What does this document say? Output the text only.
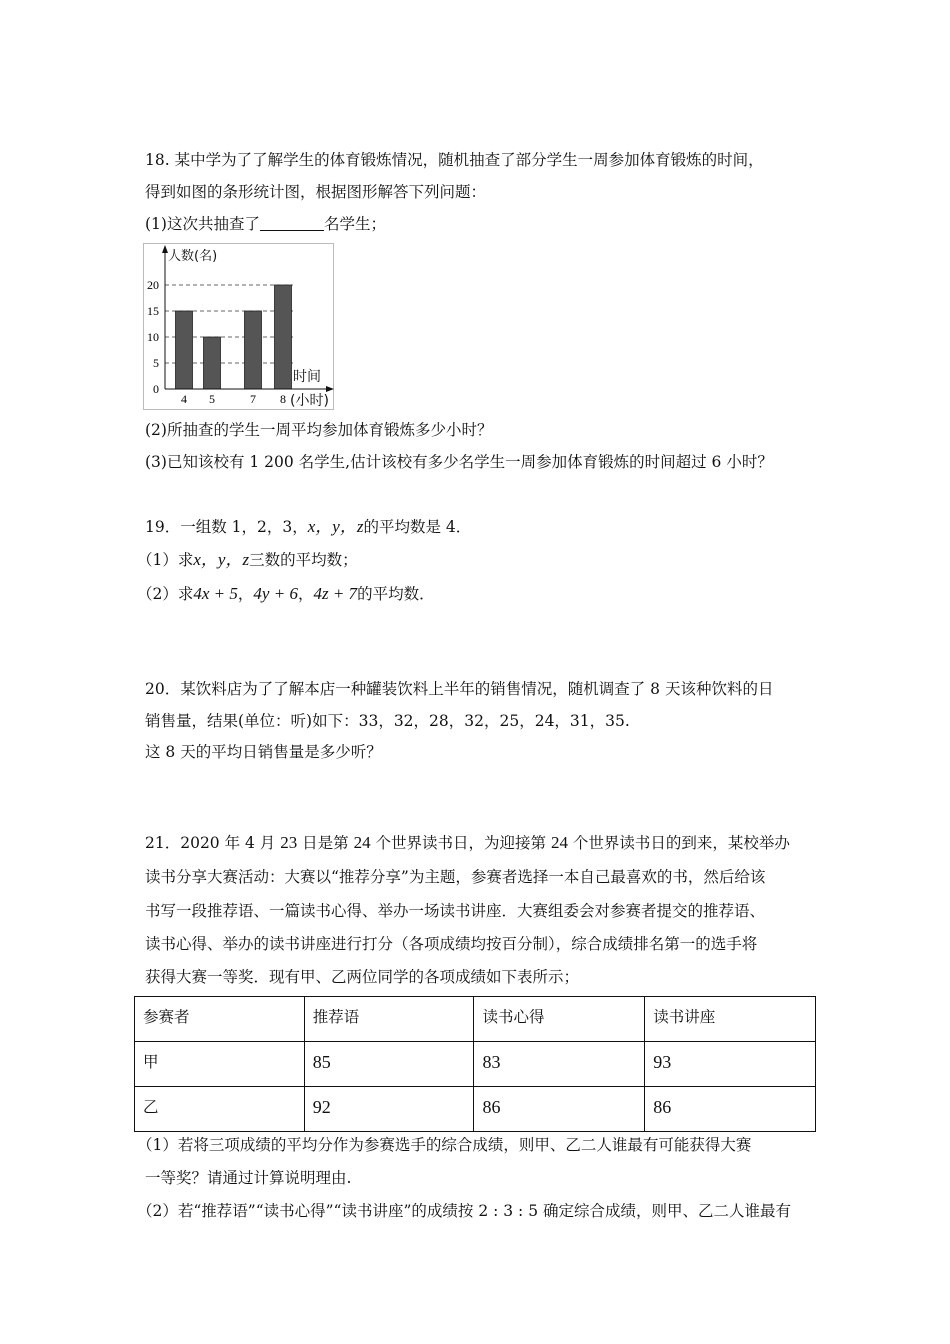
18. 某中学为了了解学生的体育锻炼情况，随机抽查了部分学生一周参加体育锻炼的时间，
得到如图的条形统计图，根据图形解答下列问题：
(1)这次共抽查了	名学生；
0
5
10
15
20
4 5	7 8
人数(名)
时间
(小时)
(2)所抽查的学生一周平均参加体育锻炼多少小时？
(3)已知该校有 1 200 名学生,估计该校有多少名学生一周参加体育锻炼的时间超过 6 小时？
19．一组数 1，2，3，x，y，z的平均数是 4．
（1）求x，y，z三数的平均数；
（2）求4x + 5，4y + 6，4z + 7的平均数．
20．某饮料店为了了解本店一种罐装饮料上半年的销售情况，随机调查了 8 天该种饮料的日
销售量，结果(单位：听)如下：33，32，28，32，25，24，31，35.
这 8 天的平均日销售量是多少听？
21．2020 年 4 月 23 日是第 24 个世界读书日，为迎接第 24 个世界读书日的到来，某校举办
读书分享大赛活动：大赛以“推荐分享”为主题，参赛者选择一本自己最喜欢的书，然后给该
书写一段推荐语、一篇读书心得、举办一场读书讲座．大赛组委会对参赛者提交的推荐语、
读书心得、举办的读书讲座进行打分（各项成绩均按百分制），综合成绩排名第一的选手将
获得大赛一等奖．现有甲、乙两位同学的各项成绩如下表所示；
参赛者	推荐语	读书心得	读书讲座
甲	85	83	93
乙	92	86	86
（1）若将三项成绩的平均分作为参赛选手的综合成绩，则甲、乙二人谁最有可能获得大赛
一等奖？请通过计算说明理由.
（2）若“推荐语”“读书心得”“读书讲座”的成绩按 2 : 3 : 5 确定综合成绩，则甲、乙二人谁最有
